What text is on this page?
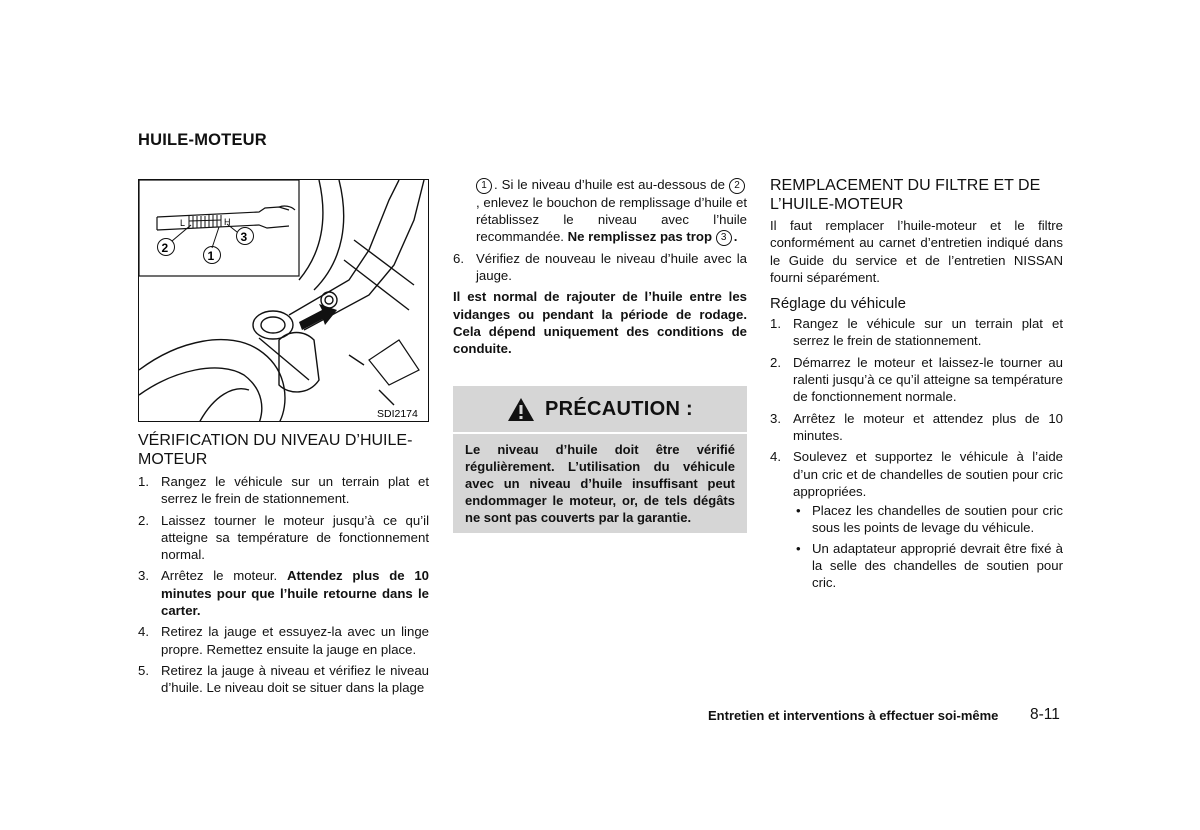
HUILE-MOTEUR
L	H
2
1
3
SDI2174
VÉRIFICATION DU NIVEAU D’HUILE-MOTEUR
1. Rangez le véhicule sur un terrain plat et serrez le frein de stationnement.
2. Laissez tourner le moteur jusqu’à ce qu’il atteigne sa température de fonctionnement normal.
3. Arrêtez le moteur. Attendez plus de 10 minutes pour que l’huile retourne dans le carter.
4. Retirez la jauge et essuyez-la avec un linge propre. Remettez ensuite la jauge en place.
5. Retirez la jauge à niveau et vérifiez le niveau d’huile. Le niveau doit se situer dans la plage

1 . Si le niveau d’huile est au-dessous de 2, enlevez le bouchon de remplissage d’huile et rétablissez le niveau avec l’huile recommandée. Ne remplissez pas trop 3 .

6. Vérifiez de nouveau le niveau d’huile avec la jauge.

Il est normal de rajouter de l’huile entre les vidanges ou pendant la période de rodage. Cela dépend uniquement des conditions de conduite.

PRÉCAUTION :
Le niveau d’huile doit être vérifié régulièrement. L’utilisation du véhicule avec un niveau d’huile insuffisant peut endommager le moteur, or, de tels dégâts ne sont pas couverts par la garantie.
REMPLACEMENT DU FILTRE ET DE L’HUILE-MOTEUR

Il faut remplacer l’huile-moteur et le filtre conformément au carnet d’entretien indiqué dans le Guide du service et de l’entretien NISSAN fourni séparément.

Réglage du véhicule
1. Rangez le véhicule sur un terrain plat et serrez le frein de stationnement.
2. Démarrez le moteur et laissez-le tourner au ralenti jusqu’à ce qu’il atteigne sa température de fonctionnement normale.
3. Arrêtez le moteur et attendez plus de 10 minutes.
4. Soulevez et supportez le véhicule à l’aide d’un cric et de chandelles de soutien pour cric appropriées.
• Placez les chandelles de soutien pour cric sous les points de levage du véhicule.
• Un adaptateur approprié devrait être fixé à la selle des chandelles de soutien pour cric.
Entretien et interventions à effectuer soi-même 8-11
